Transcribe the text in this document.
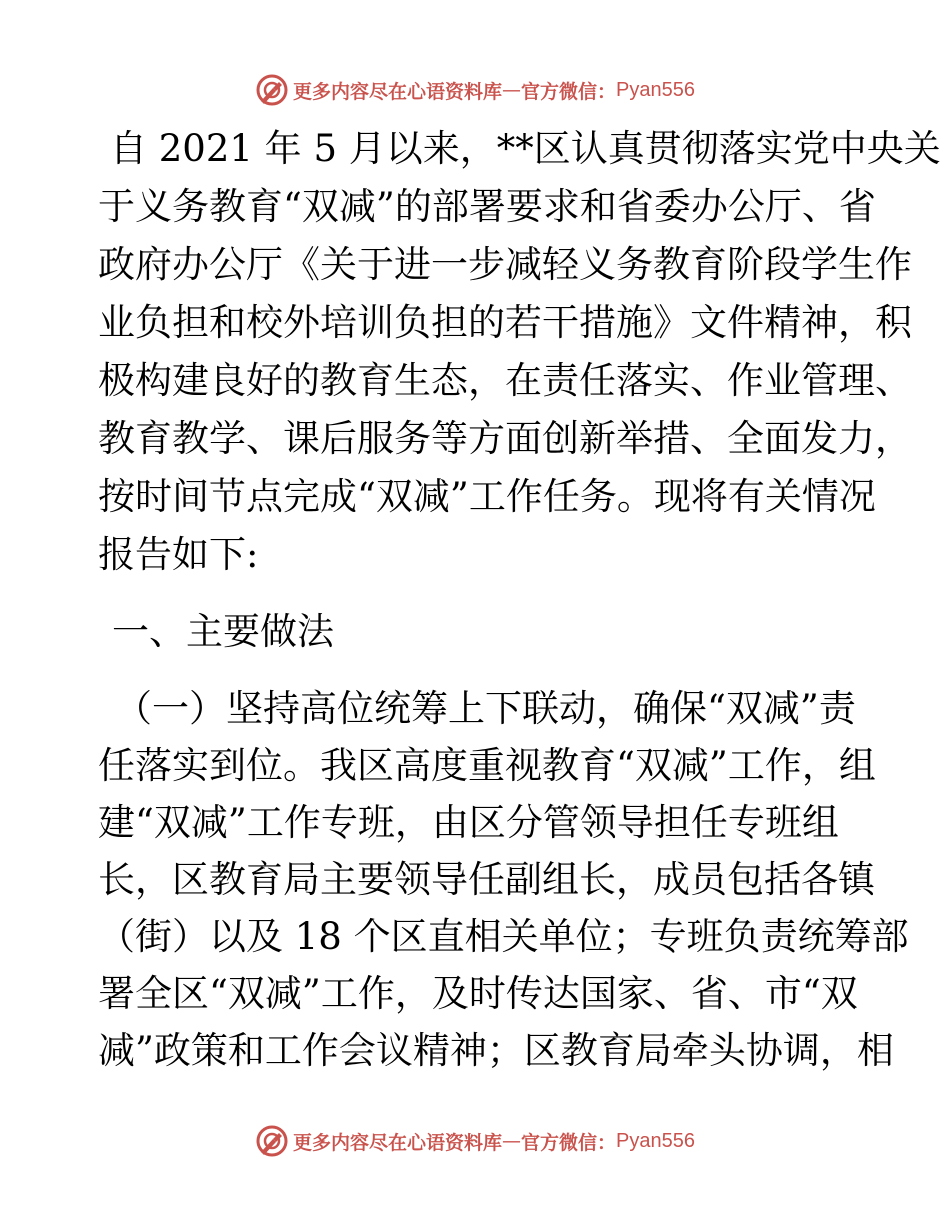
更多内容尽在心语资料库 — 官方微信： Pyan556
自 2021 年 5 月以来，**区认真贯彻落实党中央关
于义务教育“双减”的部署要求和省委办公厅、省
政府办公厅《关于进一步减轻义务教育阶段学生作
业负担和校外培训负担的若干措施》文件精神，积
极构建良好的教育生态，在责任落实、作业管理、
教育教学、课后服务等方面创新举措、全面发力，
按时间节点完成“双减”工作任务。现将有关情况
报告如下:
一、主要做法
（一）坚持高位统筹上下联动，确保“双减”责
任落实到位。我区高度重视教育“双减”工作，组
建“双减”工作专班，由区分管领导担任专班组
长，区教育局主要领导任副组长，成员包括各镇
（街）以及 18 个区直相关单位；专班负责统筹部
署全区“双减”工作，及时传达国家、省、市“双
减”政策和工作会议精神；区教育局牵头协调，相
更多内容尽在心语资料库 — 官方微信： Pyan556
